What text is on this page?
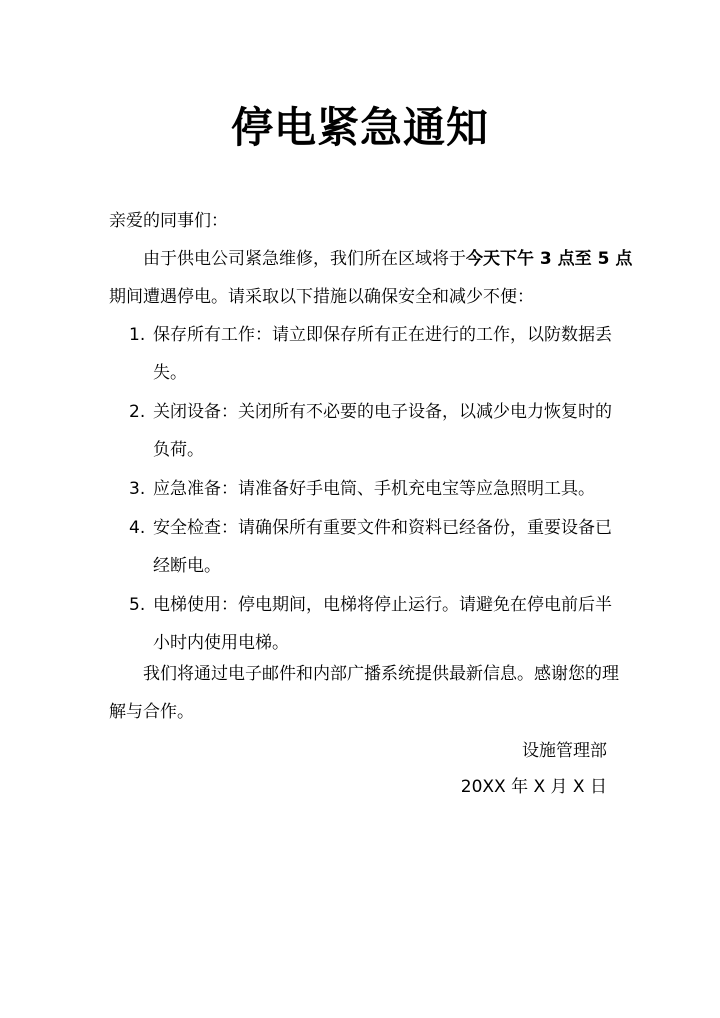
停电紧急通知
亲爱的同事们：
由于供电公司紧急维修，我们所在区域将于今天下午 3 点至 5 点
期间遭遇停电。请采取以下措施以确保安全和减少不便：
1. 保存所有工作：请立即保存所有正在进行的工作，以防数据丢
失。
2. 关闭设备：关闭所有不必要的电子设备，以减少电力恢复时的
负荷。
3. 应急准备：请准备好手电筒、手机充电宝等应急照明工具。
4. 安全检查：请确保所有重要文件和资料已经备份，重要设备已
经断电。
5. 电梯使用：停电期间，电梯将停止运行。请避免在停电前后半
小时内使用电梯。
我们将通过电子邮件和内部广播系统提供最新信息。感谢您的理
解与合作。
设施管理部
20XX 年 X 月 X 日
